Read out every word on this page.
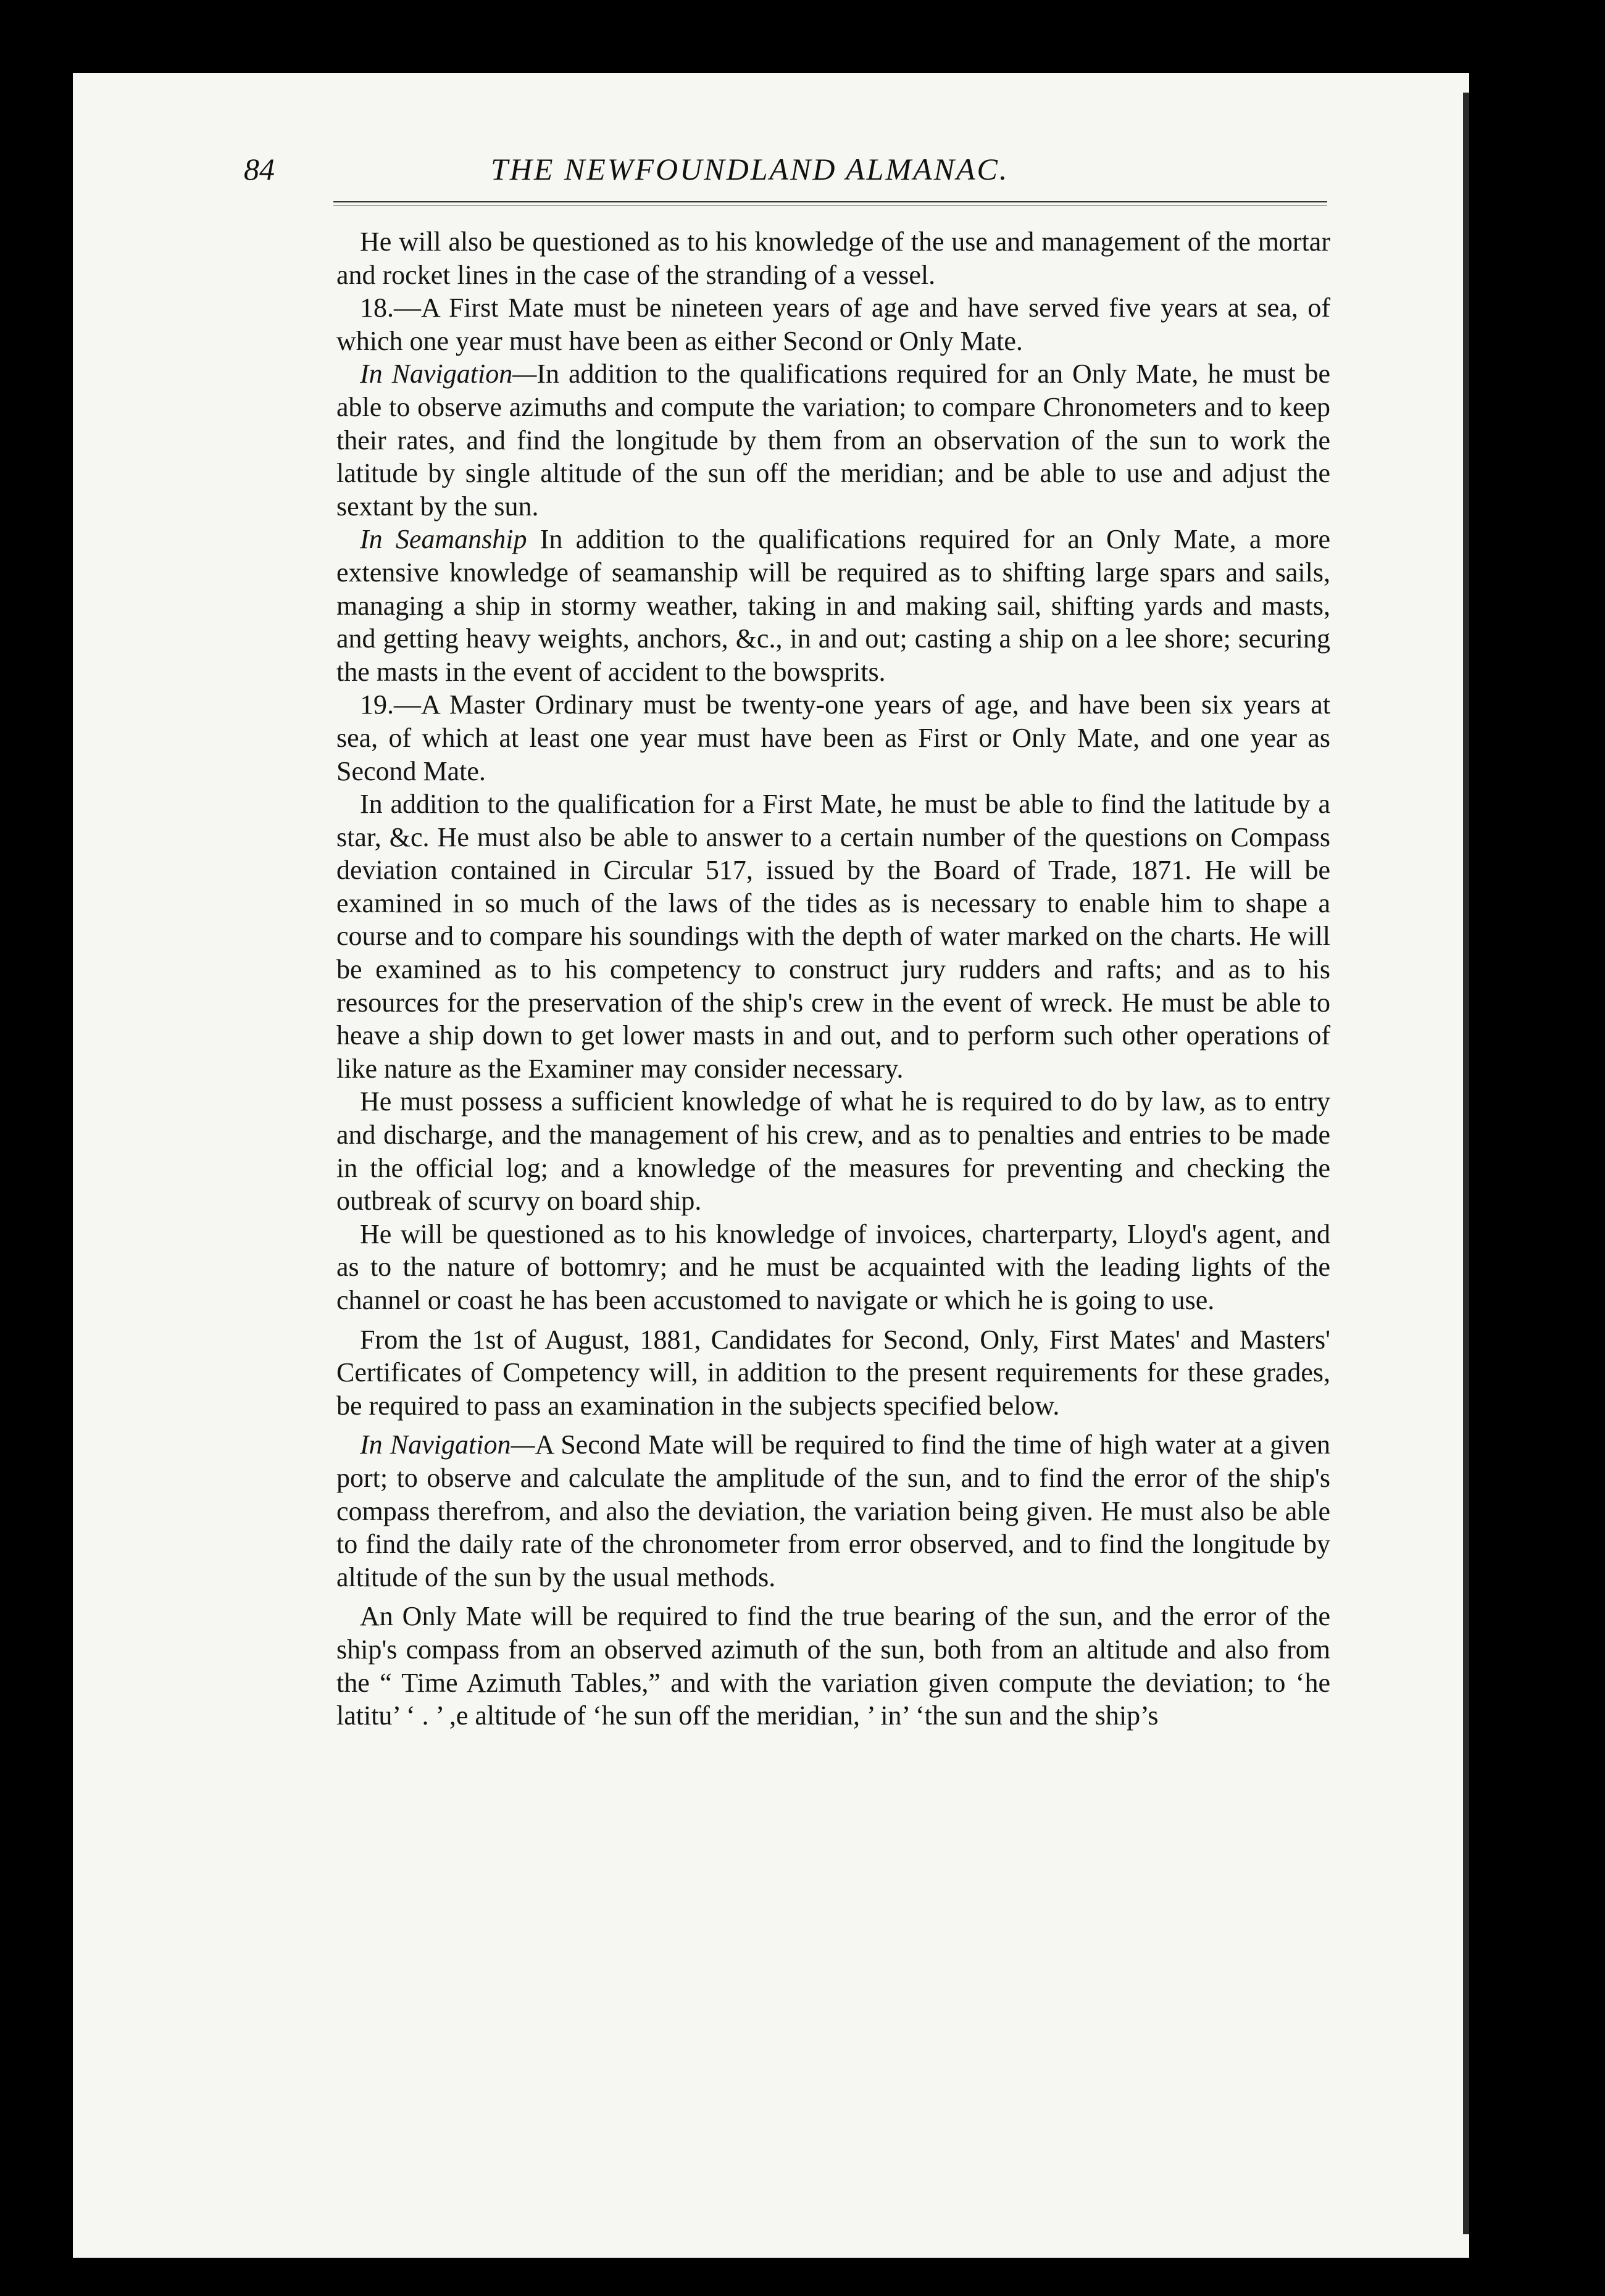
84	THE NEWFOUNDLAND ALMANAC.

He will also be questioned as to his knowledge of the use and management of the mortar and rocket lines in the case of the stranding of a vessel.

18.—A First Mate must be nineteen years of age and have served five years at sea, of which one year must have been as either Second or Only Mate.

In Navigation—In addition to the qualifications required for an Only Mate, he must be able to observe azimuths and compute the variation; to compare Chronometers and to keep their rates, and find the longitude by them from an observation of the sun to work the latitude by single altitude of the sun off the meridian; and be able to use and adjust the sextant by the sun.

In Seamanship In addition to the qualifications required for an Only Mate, a more extensive knowledge of seamanship will be required as to shifting large spars and sails, managing a ship in stormy weather, taking in and making sail, shifting yards and masts, and getting heavy weights, anchors, &c., in and out; casting a ship on a lee shore; securing the masts in the event of accident to the bowsprits.

19.—A Master Ordinary must be twenty-one years of age, and have been six years at sea, of which at least one year must have been as First or Only Mate, and one year as Second Mate.

In addition to the qualification for a First Mate, he must be able to find the latitude by a star, &c. He must also be able to answer to a certain number of the questions on Compass deviation contained in Circular 517, issued by the Board of Trade, 1871. He will be examined in so much of the laws of the tides as is necessary to enable him to shape a course and to compare his soundings with the depth of water marked on the charts. He will be examined as to his competency to construct jury rudders and rafts; and as to his resources for the preservation of the ship's crew in the event of wreck. He must be able to heave a ship down to get lower masts in and out, and to perform such other operations of like nature as the Examiner may consider necessary.

He must possess a sufficient knowledge of what he is required to do by law, as to entry and discharge, and the management of his crew, and as to penalties and entries to be made in the official log; and a knowledge of the measures for preventing and checking the outbreak of scurvy on board ship.

He will be questioned as to his knowledge of invoices, charterparty, Lloyd's agent, and as to the nature of bottomry; and he must be acquainted with the leading lights of the channel or coast he has been accustomed to navigate or which he is going to use.

From the 1st of August, 1881, Candidates for Second, Only, First Mates' and Masters' Certificates of Competency will, in addition to the present requirements for these grades, be required to pass an examination in the subjects specified below.

In Navigation—A Second Mate will be required to find the time of high water at a given port; to observe and calculate the amplitude of the sun, and to find the error of the ship's compass therefrom, and also the deviation, the variation being given. He must also be able to find the daily rate of the chronometer from error observed, and to find the longitude by altitude of the sun by the usual methods.

An Only Mate will be required to find the true bearing of the sun, and the error of the ship's compass from an observed azimuth of the sun, both from an altitude and also from the “ Time Azimuth Tables,” and with the variation given compute the deviation; to ‘he latitu’ ‘ . ’ ,e altitude of ‘he sun off the meridian, ’ in’ ‘the sun and the ship’s
